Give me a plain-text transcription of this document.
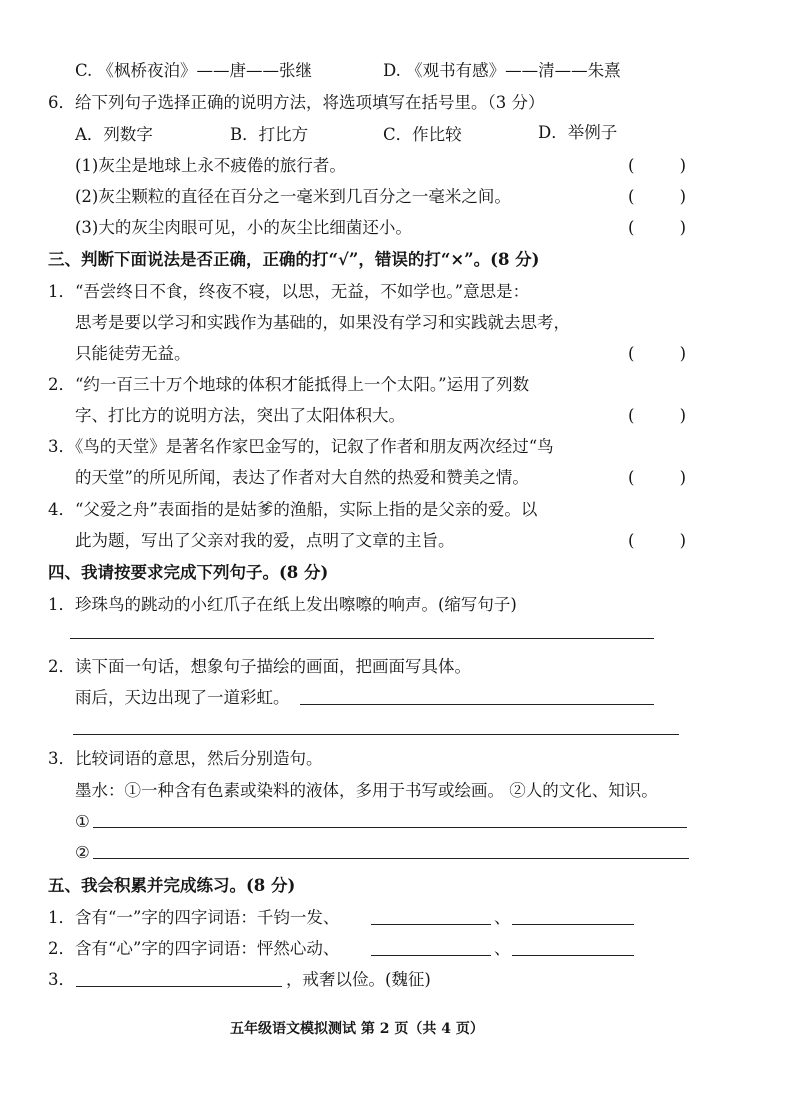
C. 《枫桥夜泊》——唐——张继	D. 《观书有感》——清——朱熹
6．给下列句子选择正确的说明方法，将选项填写在括号里。（3 分）
A．列数字	B．打比方	C．作比较	D．举例子
(1)灰尘是地球上永不疲倦的旅行者。	(	)
(2)灰尘颗粒的直径在百分之一毫米到几百分之一毫米之间。	(	)
(3)大的灰尘肉眼可见，小的灰尘比细菌还小。	(	)
三、判断下面说法是否正确，正确的打“√”，错误的打“×”。(8 分)
1．“吾尝终日不食，终夜不寝，以思，无益，不如学也。”意思是：
思考是要以学习和实践作为基础的，如果没有学习和实践就去思考，
只能徒劳无益。	(	)
2．“约一百三十万个地球的体积才能抵得上一个太阳。”运用了列数
字、打比方的说明方法，突出了太阳体积大。	(	)
3．《鸟的天堂》是著名作家巴金写的，记叙了作者和朋友两次经过“鸟
的天堂”的所见所闻，表达了作者对大自然的热爱和赞美之情。	(	)
4．“父爱之舟”表面指的是姑爹的渔船，实际上指的是父亲的爱。以
此为题，写出了父亲对我的爱，点明了文章的主旨。	(	)
四、我请按要求完成下列句子。(8 分)
1．珍珠鸟的跳动的小红爪子在纸上发出嚓嚓的响声。(缩写句子)
2．读下面一句话，想象句子描绘的画面，把画面写具体。
雨后，天边出现了一道彩虹。
3．比较词语的意思，然后分别造句。
墨水：①一种含有色素或染料的液体，多用于书写或绘画。 ②人的文化、知识。
①
②
五、我会积累并完成练习。(8 分)
1．含有“一”字的四字词语：千钧一发、	、
2．含有“心”字的四字词语：怦然心动、	、
3．	，戒奢以俭。(魏征)
五年级语文模拟测试 第 2 页（共 4 页）
